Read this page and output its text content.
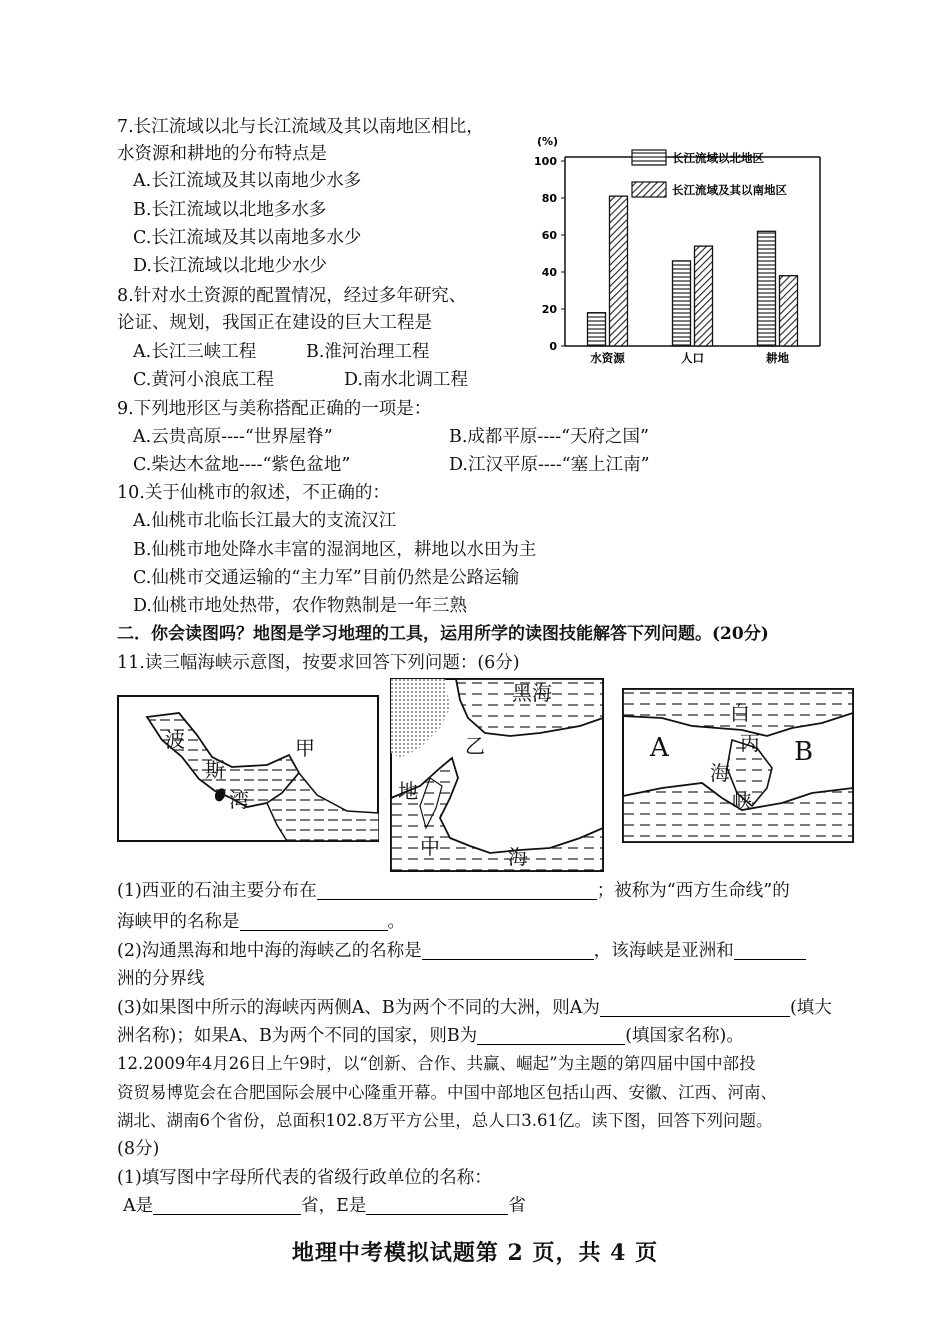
7.长江流域以北与长江流域及其以南地区相比，
水资源和耕地的分布特点是
A.长江流域及其以南地少水多
B.长江流域以北地多水多
C.长江流域及其以南地多水少
D.长江流域以北地少水少
8.针对水土资源的配置情况，经过多年研究、
论证、规划，我国正在建设的巨大工程是
A.长江三峡工程	B.淮河治理工程
C.黄河小浪底工程	D.南水北调工程
9.下列地形区与美称搭配正确的一项是：
A.云贵高原----“世界屋脊”	B.成都平原----“天府之国”
C.柴达木盆地----“紫色盆地”	D.江汉平原----“塞上江南”
10.关于仙桃市的叙述，不正确的：
A.仙桃市北临长江最大的支流汉江
B.仙桃市地处降水丰富的湿润地区，耕地以水田为主
C.仙桃市交通运输的“主力军”目前仍然是公路运输
D.仙桃市地处热带，农作物熟制是一年三熟
二．你会读图吗？地图是学习地理的工具，运用所学的读图技能解答下列问题。(20分)
11.读三幅海峡示意图，按要求回答下列问题：(6分)
(%)
0
20
40
60
80
100
水资源	人口	耕地
长江流域以北地区
长江流域及其以南地区
波
斯
湾
甲
黑海
乙
地
中	海
白
丙
海
峡
A	B
(1)西亚的石油主要分布在	；被称为“西方生命线”的
海峡甲的名称是	。
(2)沟通黑海和地中海的海峡乙的名称是	，该海峡是亚洲和
洲的分界线
(3)如果图中所示的海峡丙两侧A、B为两个不同的大洲，则A为	(填大
洲名称)；如果A、B为两个不同的国家，则B为	(填国家名称)。
12.2009年4月26日上午9时，以“创新、合作、共赢、崛起”为主题的第四届中国中部投
资贸易博览会在合肥国际会展中心隆重开幕。中国中部地区包括山西、安徽、江西、河南、
湖北、湖南6个省份，总面积102.8万平方公里，总人口3.61亿。读下图，回答下列问题。
(8分)
(1)填写图中字母所代表的省级行政单位的名称：
A是	省，E是	省
地理中考模拟试题第 2 页，共 4 页
